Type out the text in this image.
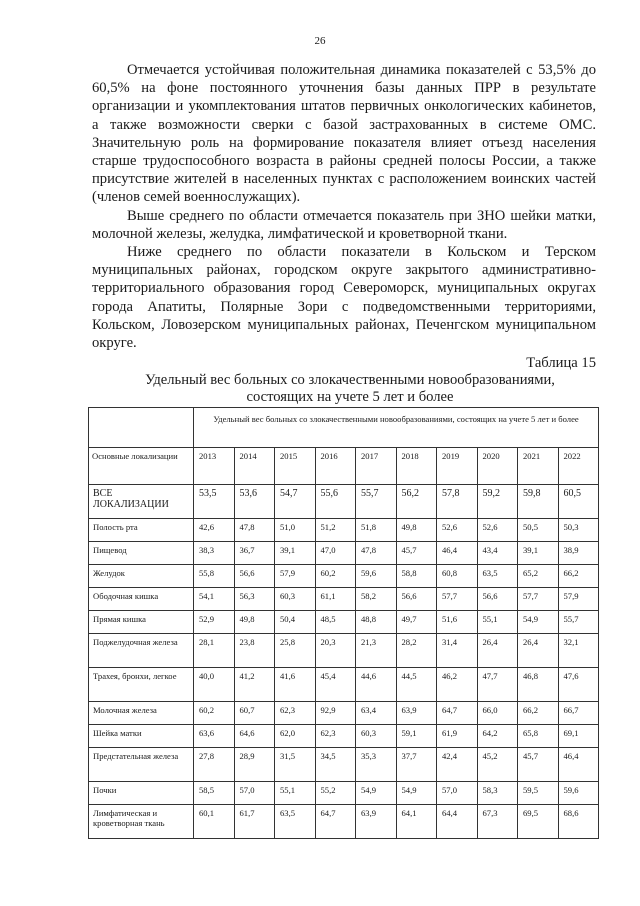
26

Отмечается устойчивая положительная динамика показателей с 53,5% до 60,5% на фоне постоянного уточнения базы данных ПРР в результате организации и укомплектования штатов первичных онкологических кабинетов, а также возможности сверки с базой застрахованных в системе ОМС. Значительную роль на формирование показателя влияет отъезд населения старше трудоспособного возраста в районы средней полосы России, а также присутствие жителей в населенных пунктах с расположением воинских частей (членов семей военнослужащих).

Выше среднего по области отмечается показатель при ЗНО шейки матки, молочной железы, желудка, лимфатической и кроветворной ткани.

Ниже среднего по области показатели в Кольском и Терском муниципальных районах, городском округе закрытого административно-территориального образования город Североморск, муниципальных округах города Апатиты, Полярные Зори с подведомственными территориями, Кольском, Ловозерском муниципальных районах, Печенгском муниципальном округе.

Таблица 15
Удельный вес больных со злокачественными новообразованиями,
состоящих на учете 5 лет и более
	Удельный вес больных со злокачественными новообразованиями, состоящих на учете 5 лет и более									
Основные локализации	2013	2014	2015	2016	2017	2018	2019	2020	2021	2022
ВСЕ ЛОКАЛИЗАЦИИ	53,5	53,6	54,7	55,6	55,7	56,2	57,8	59,2	59,8	60,5
Полость рта	42,6	47,8	51,0	51,2	51,8	49,8	52,6	52,6	50,5	50,3
Пищевод	38,3	36,7	39,1	47,0	47,8	45,7	46,4	43,4	39,1	38,9
Желудок	55,8	56,6	57,9	60,2	59,6	58,8	60,8	63,5	65,2	66,2
Ободочная кишка	54,1	56,3	60,3	61,1	58,2	56,6	57,7	56,6	57,7	57,9
Прямая кишка	52,9	49,8	50,4	48,5	48,8	49,7	51,6	55,1	54,9	55,7
Поджелудочная железа	28,1	23,8	25,8	20,3	21,3	28,2	31,4	26,4	26,4	32,1
Трахея, бронхи, легкое	40,0	41,2	41,6	45,4	44,6	44,5	46,2	47,7	46,8	47,6
Молочная железа	60,2	60,7	62,3	92,9	63,4	63,9	64,7	66,0	66,2	66,7
Шейка матки	63,6	64,6	62,0	62,3	60,3	59,1	61,9	64,2	65,8	69,1
Предстательная железа	27,8	28,9	31,5	34,5	35,3	37,7	42,4	45,2	45,7	46,4
Почки	58,5	57,0	55,1	55,2	54,9	54,9	57,0	58,3	59,5	59,6
Лимфатическая и кроветворная ткань	60,1	61,7	63,5	64,7	63,9	64,1	64,4	67,3	69,5	68,6
